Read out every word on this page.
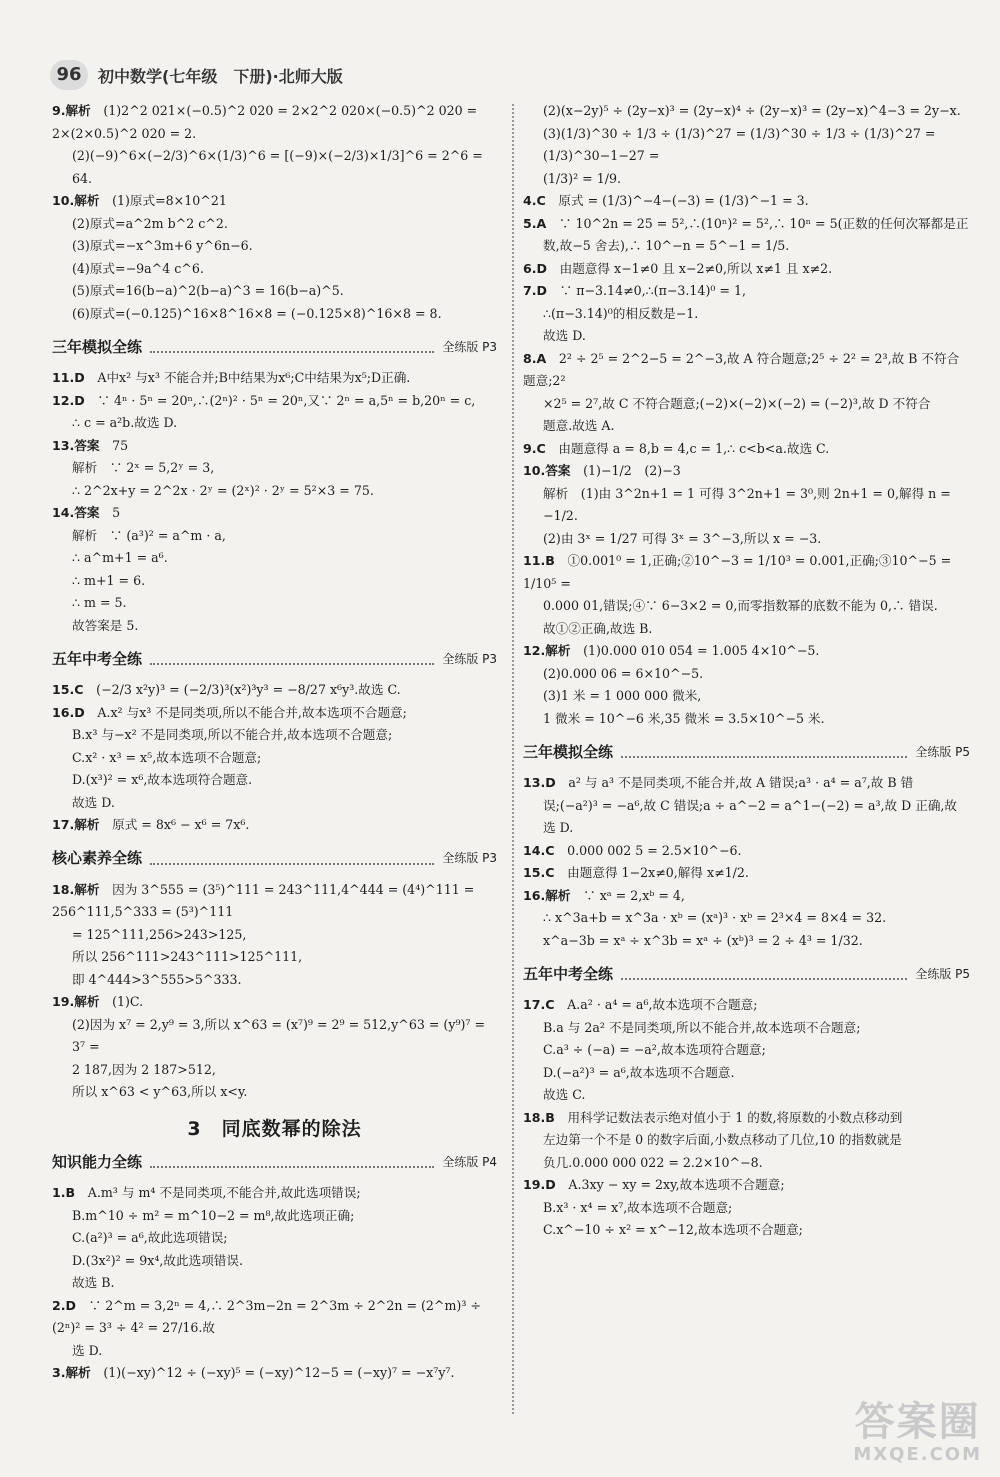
96	初中数学(七年级　下册)·北师大版

9.解析　 (1)2^2 021×(−0.5)^2 020 = 2×2^2 020×(−0.5)^2 020 = 2×(2×0.5)^2 020 = 2.

(2)(−9)^6×(−2/3)^6×(1/3)^6 = [(−9)×(−2/3)×1/3]^6 = 2^6 = 64.

10.解析　 (1)原式=8×10^21

(2)原式=a^2m b^2 c^2.

(3)原式=−x^3m+6 y^6n−6.

(4)原式=−9a^4 c^6.

(5)原式=16(b−a)^2(b−a)^3 = 16(b−a)^5.

(6)原式=(−0.125)^16×8^16×8 = (−0.125×8)^16×8 = 8.

三年模拟全练	全练版 P3

11.D　 A中x² 与x³ 不能合并;B中结果为x⁶;C中结果为x⁵;D正确.

12.D　 ∵ 4ⁿ · 5ⁿ = 20ⁿ,∴(2ⁿ)² · 5ⁿ = 20ⁿ,又∵ 2ⁿ = a,5ⁿ = b,20ⁿ = c,

∴ c = a²b.故选 D.

13.答案　 75

解析　∵ 2ˣ = 5,2ʸ = 3,

∴ 2^2x+y = 2^2x · 2ʸ = (2ˣ)² · 2ʸ = 5²×3 = 75.

14.答案　 5

解析　∵ (a³)² = a^m · a,

∴ a^m+1 = a⁶.

∴ m+1 = 6.

∴ m = 5.

故答案是 5.

五年中考全练	全练版 P3

15.C　 (−2/3 x²y)³ = (−2/3)³(x²)³y³ = −8/27 x⁶y³.故选 C.

16.D　 A.x² 与x³ 不是同类项,所以不能合并,故本选项不合题意;

B.x³ 与−x² 不是同类项,所以不能合并,故本选项不合题意;

C.x² · x³ = x⁵,故本选项不合题意;

D.(x³)² = x⁶,故本选项符合题意.

故选 D.

17.解析　 原式 = 8x⁶ − x⁶ = 7x⁶.

核心素养全练	全练版 P3

18.解析　 因为 3^555 = (3⁵)^111 = 243^111,4^444 = (4⁴)^111 = 256^111,5^333 = (5³)^111

= 125^111,256>243>125,

所以 256^111>243^111>125^111,

即 4^444>3^555>5^333.

19.解析　 (1)C.

(2)因为 x⁷ = 2,y⁹ = 3,所以 x^63 = (x⁷)⁹ = 2⁹ = 512,y^63 = (y⁹)⁷ = 3⁷ =

2 187,因为 2 187>512,

所以 x^63 < y^63,所以 x<y.

3　同底数幂的除法
知识能力全练	全练版 P4

1.B　 A.m³ 与 m⁴ 不是同类项,不能合并,故此选项错误;

B.m^10 ÷ m² = m^10−2 = m⁸,故此选项正确;

C.(a²)³ = a⁶,故此选项错误;

D.(3x²)² = 9x⁴,故此选项错误.

故选 B.

2.D　 ∵ 2^m = 3,2ⁿ = 4,∴ 2^3m−2n = 2^3m ÷ 2^2n = (2^m)³ ÷ (2ⁿ)² = 3³ ÷ 4² = 27/16.故

选 D.

3.解析　 (1)(−xy)^12 ÷ (−xy)⁵ = (−xy)^12−5 = (−xy)⁷ = −x⁷y⁷.

(2)(x−2y)⁵ ÷ (2y−x)³ = (2y−x)⁴ ÷ (2y−x)³ = (2y−x)^4−3 = 2y−x.

(3)(1/3)^30 ÷ 1/3 ÷ (1/3)^27 = (1/3)^30 ÷ 1/3 ÷ (1/3)^27 = (1/3)^30−1−27 =

(1/3)² = 1/9.

4.C　 原式 = (1/3)^−4−(−3) = (1/3)^−1 = 3.

5.A　 ∵ 10^2n = 25 = 5²,∴(10ⁿ)² = 5²,∴ 10ⁿ = 5(正数的任何次幂都是正

数,故−5 舍去),∴ 10^−n = 5^−1 = 1/5.

6.D　 由题意得 x−1≠0 且 x−2≠0,所以 x≠1 且 x≠2.

7.D　 ∵ π−3.14≠0,∴(π−3.14)⁰ = 1,

∴(π−3.14)⁰的相反数是−1.

故选 D.

8.A　 2² ÷ 2⁵ = 2^2−5 = 2^−3,故 A 符合题意;2⁵ ÷ 2² = 2³,故 B 不符合题意;2²

×2⁵ = 2⁷,故 C 不符合题意;(−2)×(−2)×(−2) = (−2)³,故 D 不符合

题意.故选 A.

9.C　 由题意得 a = 8,b = 4,c = 1,∴ c<b<a.故选 C.

10.答案　 (1)−1/2　(2)−3

解析　(1)由 3^2n+1 = 1 可得 3^2n+1 = 3⁰,则 2n+1 = 0,解得 n = −1/2.

(2)由 3ˣ = 1/27 可得 3ˣ = 3^−3,所以 x = −3.

11.B　 ①0.001⁰ = 1,正确;②10^−3 = 1/10³ = 0.001,正确;③10^−5 = 1/10⁵ =

0.000 01,错误;④∵ 6−3×2 = 0,而零指数幂的底数不能为 0,∴ 错误.

故①②正确,故选 B.

12.解析　 (1)0.000 010 054 = 1.005 4×10^−5.

(2)0.000 06 = 6×10^−5.

(3)1 米 = 1 000 000 微米,

1 微米 = 10^−6 米,35 微米 = 3.5×10^−5 米.

三年模拟全练	全练版 P5

13.D　 a² 与 a³ 不是同类项,不能合并,故 A 错误;a³ · a⁴ = a⁷,故 B 错

误;(−a²)³ = −a⁶,故 C 错误;a ÷ a^−2 = a^1−(−2) = a³,故 D 正确,故

选 D.

14.C　 0.000 002 5 = 2.5×10^−6.

15.C　 由题意得 1−2x≠0,解得 x≠1/2.

16.解析　 ∵ xᵃ = 2,xᵇ = 4,

∴ x^3a+b = x^3a · xᵇ = (xᵃ)³ · xᵇ = 2³×4 = 8×4 = 32.

x^a−3b = xᵃ ÷ x^3b = xᵃ ÷ (xᵇ)³ = 2 ÷ 4³ = 1/32.

五年中考全练	全练版 P5

17.C　 A.a² · a⁴ = a⁶,故本选项不合题意;

B.a 与 2a² 不是同类项,所以不能合并,故本选项不合题意;

C.a³ ÷ (−a) = −a²,故本选项符合题意;

D.(−a²)³ = a⁶,故本选项不合题意.

故选 C.

18.B　 用科学记数法表示绝对值小于 1 的数,将原数的小数点移动到

左边第一个不是 0 的数字后面,小数点移动了几位,10 的指数就是

负几.0.000 000 022 = 2.2×10^−8.

19.D　 A.3xy − xy = 2xy,故本选项不合题意;

B.x³ · x⁴ = x⁷,故本选项不合题意;

C.x^−10 ÷ x² = x^−12,故本选项不合题意;

答案圈
MXQE.COM
